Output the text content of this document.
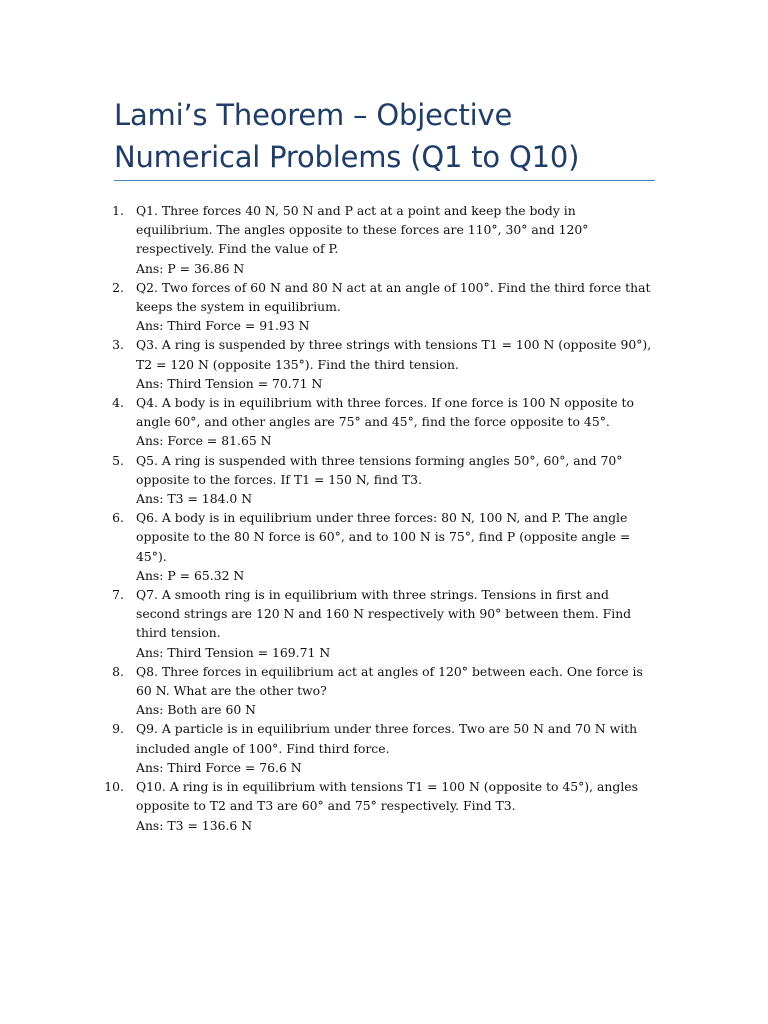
Lami’s Theorem – Objective Numerical Problems (Q1 to Q10)
1. Q1. Three forces 40 N, 50 N and P act at a point and keep the body in equilibrium. The angles opposite to these forces are 110°, 30° and 120° respectively. Find the value of P.
Ans: P = 36.86 N
2. Q2. Two forces of 60 N and 80 N act at an angle of 100°. Find the third force that keeps the system in equilibrium.
Ans: Third Force = 91.93 N
3. Q3. A ring is suspended by three strings with tensions T1 = 100 N (opposite 90°), T2 = 120 N (opposite 135°). Find the third tension.
Ans: Third Tension = 70.71 N
4. Q4. A body is in equilibrium with three forces. If one force is 100 N opposite to angle 60°, and other angles are 75° and 45°, find the force opposite to 45°.
Ans: Force = 81.65 N
5. Q5. A ring is suspended with three tensions forming angles 50°, 60°, and 70° opposite to the forces. If T1 = 150 N, find T3.
Ans: T3 = 184.0 N
6. Q6. A body is in equilibrium under three forces: 80 N, 100 N, and P. The angle opposite to the 80 N force is 60°, and to 100 N is 75°, find P (opposite angle = 45°).
Ans: P = 65.32 N
7. Q7. A smooth ring is in equilibrium with three strings. Tensions in first and second strings are 120 N and 160 N respectively with 90° between them. Find third tension.
Ans: Third Tension = 169.71 N
8. Q8. Three forces in equilibrium act at angles of 120° between each. One force is 60 N. What are the other two?
Ans: Both are 60 N
9. Q9. A particle is in equilibrium under three forces. Two are 50 N and 70 N with included angle of 100°. Find third force.
Ans: Third Force = 76.6 N
10. Q10. A ring is in equilibrium with tensions T1 = 100 N (opposite to 45°), angles opposite to T2 and T3 are 60° and 75° respectively. Find T3.
Ans: T3 = 136.6 N
